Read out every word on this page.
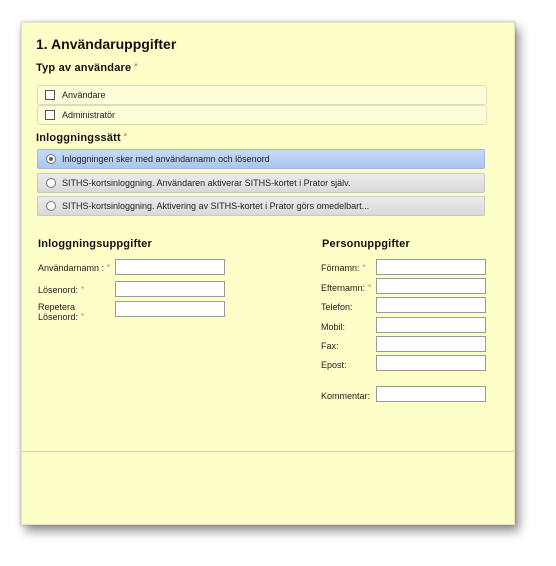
1. Användaruppgifter
Typ av användare *
Användare
Administratör
Inloggningssätt *
Inloggningen sker med användarnamn och lösenord
SITHS-kortsinloggning. Användaren aktiverar SITHS-kortet i Prator själv.
SITHS-kortsinloggning. Aktivering av SITHS-kortet i Prator görs omedelbart...
Inloggningsuppgifter
Användarnamn : *
Lösenord: *
Repetera
Lösenord: *
Personuppgifter
Förnamn: *
Efternamn: *
Telefon:
Mobil:
Fax:
Epost:
Kommentar:
